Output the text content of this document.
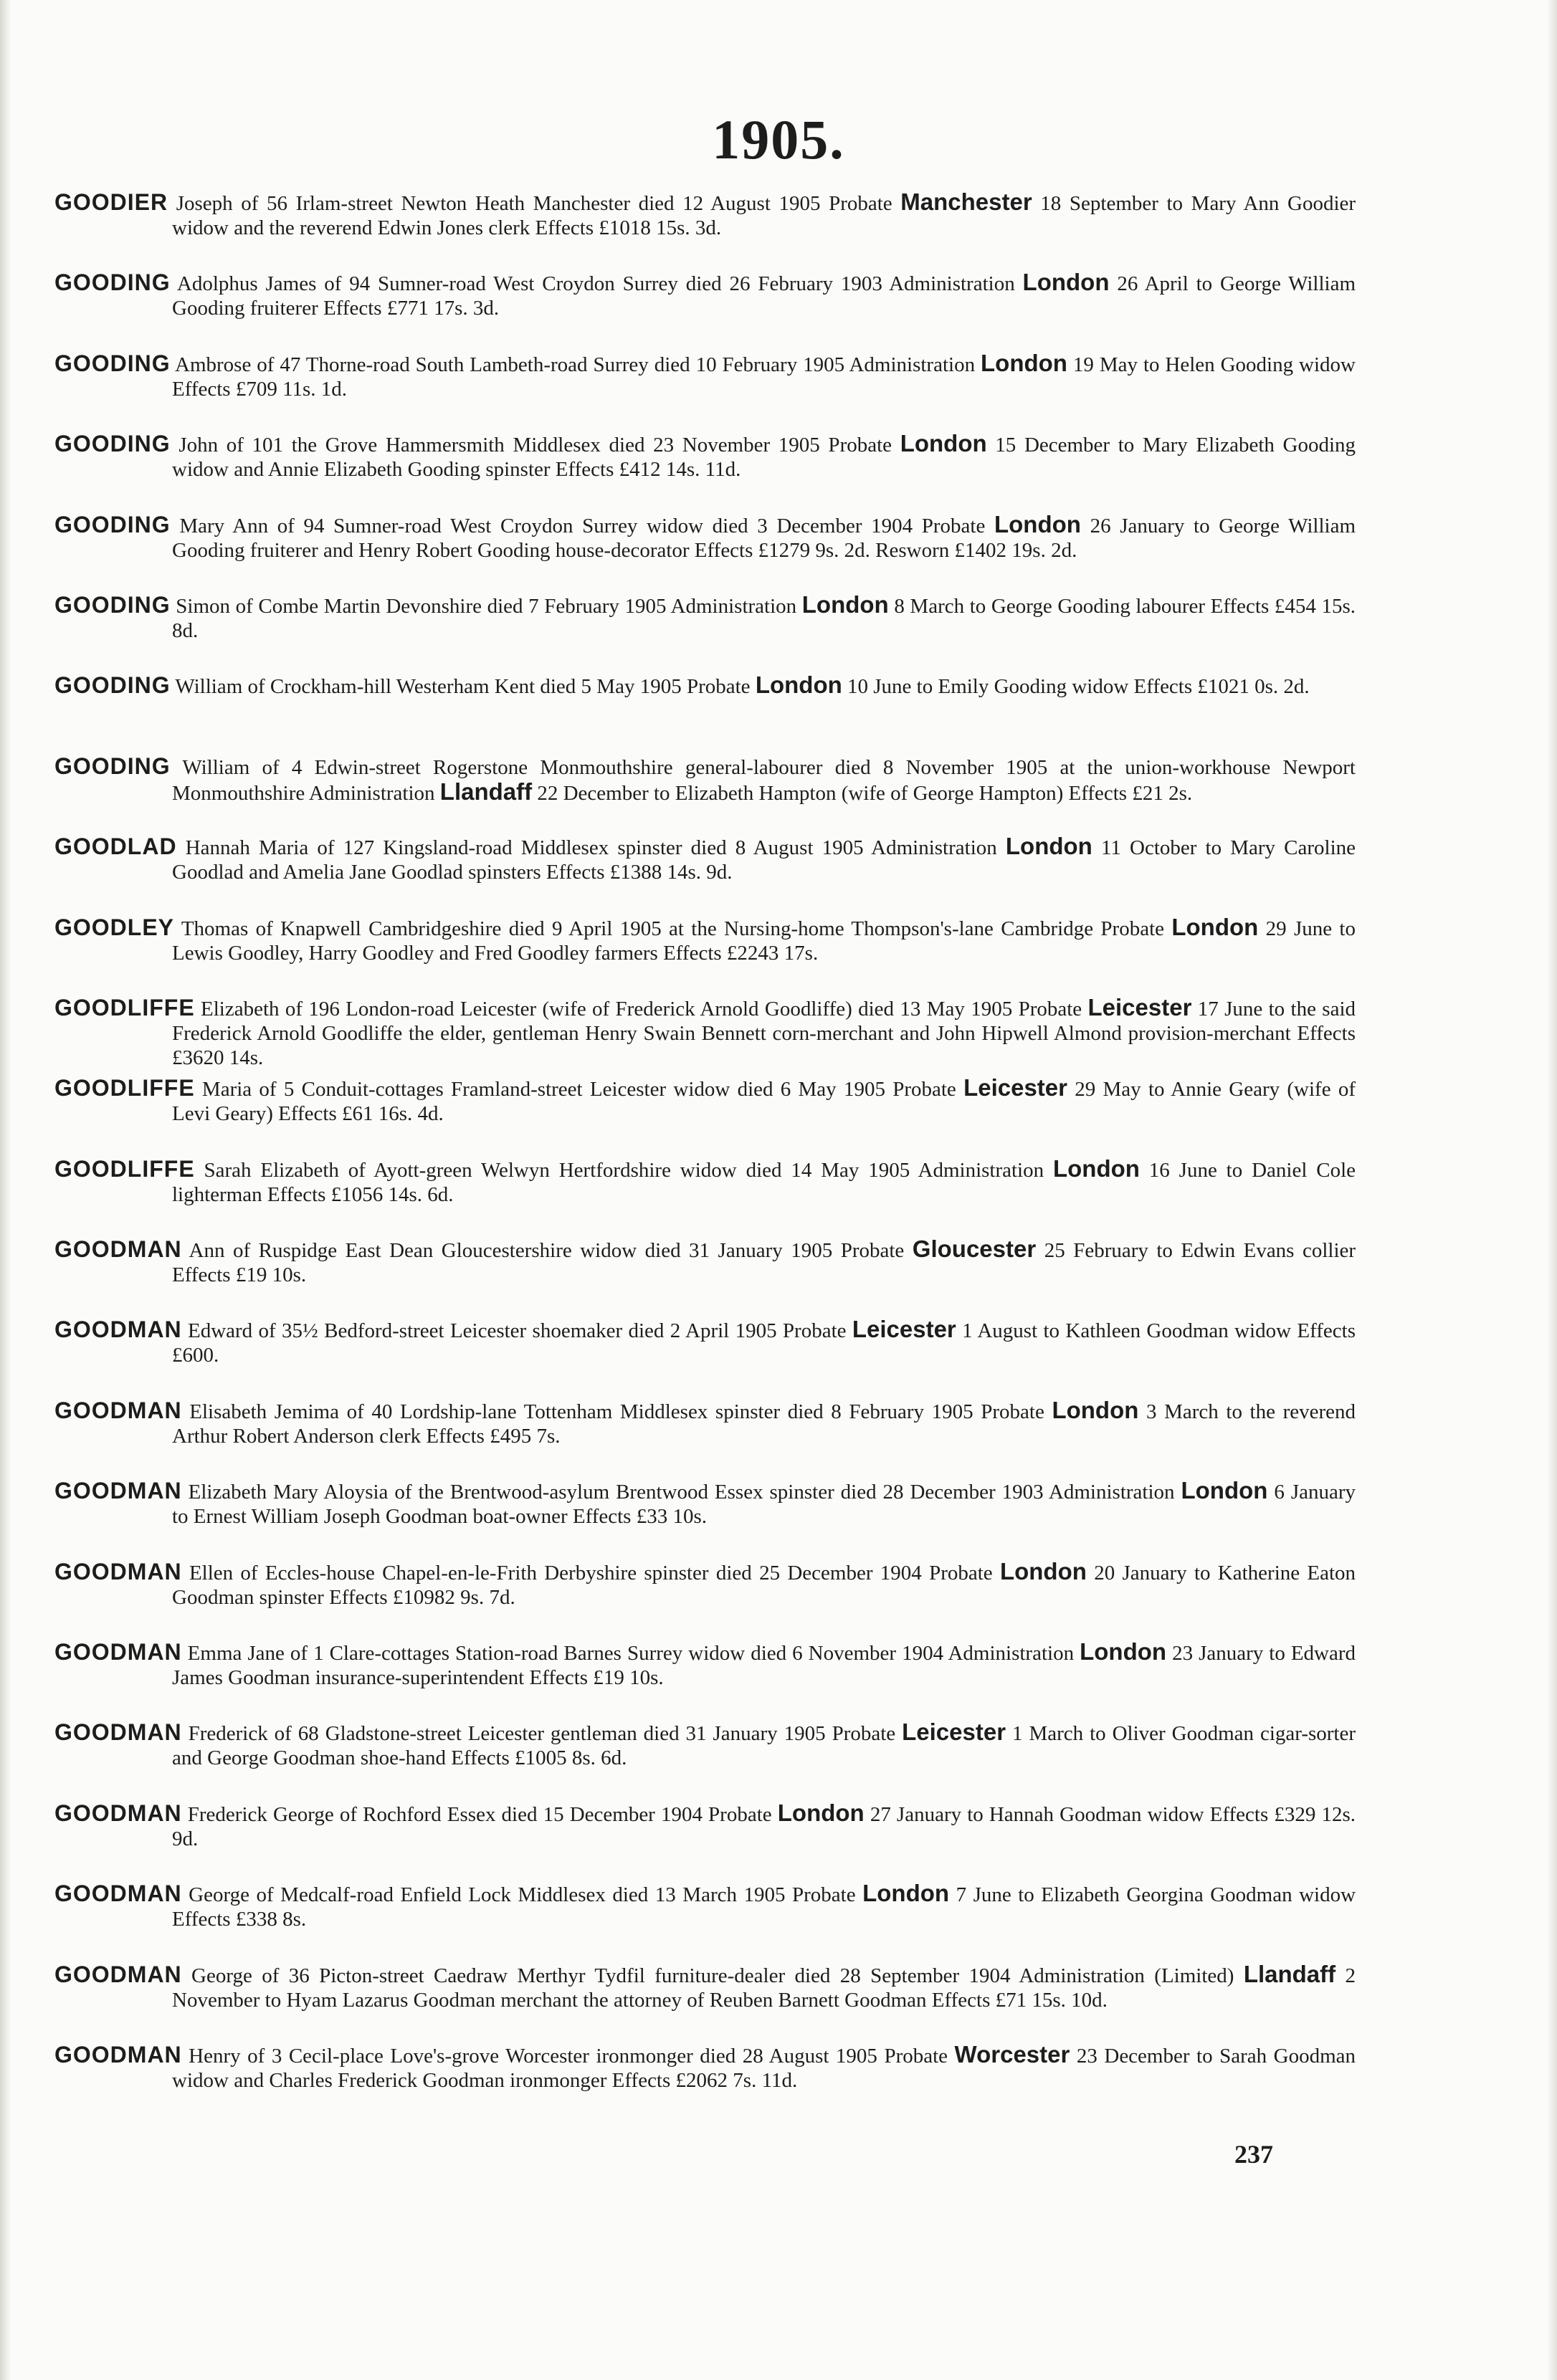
1905.
GOODIER Joseph of 56 Irlam-street Newton Heath Manchester died 12 August 1905 Probate Manchester 18 September to Mary Ann Goodier widow and the reverend Edwin Jones clerk Effects £1018 15s. 3d.
GOODING Adolphus James of 94 Sumner-road West Croydon Surrey died 26 February 1903 Administration London 26 April to George William Gooding fruiterer Effects £771 17s. 3d.
GOODING Ambrose of 47 Thorne-road South Lambeth-road Surrey died 10 February 1905 Administration London 19 May to Helen Gooding widow Effects £709 11s. 1d.
GOODING John of 101 the Grove Hammersmith Middlesex died 23 November 1905 Probate London 15 December to Mary Elizabeth Gooding widow and Annie Elizabeth Gooding spinster Effects £412 14s. 11d.
GOODING Mary Ann of 94 Sumner-road West Croydon Surrey widow died 3 December 1904 Probate London 26 January to George William Gooding fruiterer and Henry Robert Gooding house-decorator Effects £1279 9s. 2d. Resworn £1402 19s. 2d.
GOODING Simon of Combe Martin Devonshire died 7 February 1905 Administration London 8 March to George Gooding labourer Effects £454 15s. 8d.
GOODING William of Crockham-hill Westerham Kent died 5 May 1905 Probate London 10 June to Emily Gooding widow Effects £1021 0s. 2d.
GOODING William of 4 Edwin-street Rogerstone Monmouthshire general-labourer died 8 November 1905 at the union-workhouse Newport Monmouthshire Administration Llandaff 22 December to Elizabeth Hampton (wife of George Hampton) Effects £21 2s.
GOODLAD Hannah Maria of 127 Kingsland-road Middlesex spinster died 8 August 1905 Administration London 11 October to Mary Caroline Goodlad and Amelia Jane Goodlad spinsters Effects £1388 14s. 9d.
GOODLEY Thomas of Knapwell Cambridgeshire died 9 April 1905 at the Nursing-home Thompson's-lane Cambridge Probate London 29 June to Lewis Goodley, Harry Goodley and Fred Goodley farmers Effects £2243 17s.
GOODLIFFE Elizabeth of 196 London-road Leicester (wife of Frederick Arnold Goodliffe) died 13 May 1905 Probate Leicester 17 June to the said Frederick Arnold Goodliffe the elder, gentleman Henry Swain Bennett corn-merchant and John Hipwell Almond provision-merchant Effects £3620 14s.
GOODLIFFE Maria of 5 Conduit-cottages Framland-street Leicester widow died 6 May 1905 Probate Leicester 29 May to Annie Geary (wife of Levi Geary) Effects £61 16s. 4d.
GOODLIFFE Sarah Elizabeth of Ayott-green Welwyn Hertfordshire widow died 14 May 1905 Administration London 16 June to Daniel Cole lighterman Effects £1056 14s. 6d.
GOODMAN Ann of Ruspidge East Dean Gloucestershire widow died 31 January 1905 Probate Gloucester 25 February to Edwin Evans collier Effects £19 10s.
GOODMAN Edward of 35½ Bedford-street Leicester shoemaker died 2 April 1905 Probate Leicester 1 August to Kathleen Goodman widow Effects £600.
GOODMAN Elisabeth Jemima of 40 Lordship-lane Tottenham Middlesex spinster died 8 February 1905 Probate London 3 March to the reverend Arthur Robert Anderson clerk Effects £495 7s.
GOODMAN Elizabeth Mary Aloysia of the Brentwood-asylum Brentwood Essex spinster died 28 December 1903 Administration London 6 January to Ernest William Joseph Goodman boat-owner Effects £33 10s.
GOODMAN Ellen of Eccles-house Chapel-en-le-Frith Derbyshire spinster died 25 December 1904 Probate London 20 January to Katherine Eaton Goodman spinster Effects £10982 9s. 7d.
GOODMAN Emma Jane of 1 Clare-cottages Station-road Barnes Surrey widow died 6 November 1904 Administration London 23 January to Edward James Goodman insurance-superintendent Effects £19 10s.
GOODMAN Frederick of 68 Gladstone-street Leicester gentleman died 31 January 1905 Probate Leicester 1 March to Oliver Goodman cigar-sorter and George Goodman shoe-hand Effects £1005 8s. 6d.
GOODMAN Frederick George of Rochford Essex died 15 December 1904 Probate London 27 January to Hannah Goodman widow Effects £329 12s. 9d.
GOODMAN George of Medcalf-road Enfield Lock Middlesex died 13 March 1905 Probate London 7 June to Elizabeth Georgina Goodman widow Effects £338 8s.
GOODMAN George of 36 Picton-street Caedraw Merthyr Tydfil furniture-dealer died 28 September 1904 Administration (Limited) Llandaff 2 November to Hyam Lazarus Goodman merchant the attorney of Reuben Barnett Goodman Effects £71 15s. 10d.
GOODMAN Henry of 3 Cecil-place Love's-grove Worcester ironmonger died 28 August 1905 Probate Worcester 23 December to Sarah Goodman widow and Charles Frederick Goodman ironmonger Effects £2062 7s. 11d.
237
